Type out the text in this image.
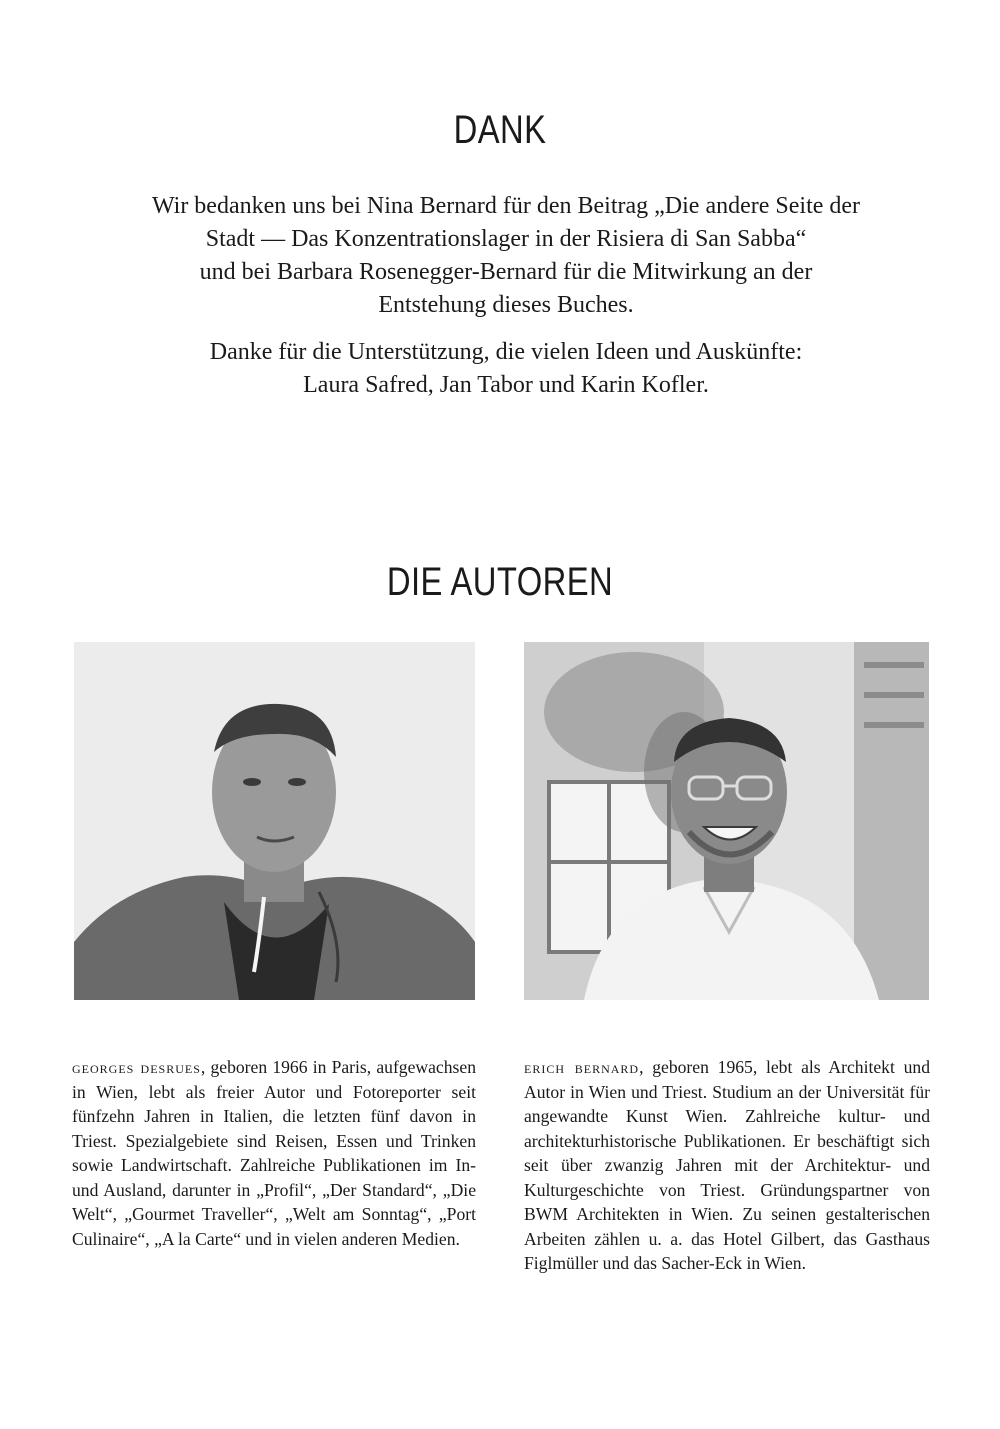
DANK

Wir bedanken uns bei Nina Bernard für den Beitrag „Die andere Seite der
Stadt — Das Konzentrationslager in der Risiera di San Sabba“
und bei Barbara Rosenegger-Bernard für die Mitwirkung an der
Entstehung dieses Buches.

Danke für die Unterstützung, die vielen Ideen und Auskünfte:
Laura Safred, Jan Tabor und Karin Kofler.

DIE AUTOREN

georges desrues, geboren 1966 in Paris, aufgewachsen in Wien, lebt als freier Autor und Fotoreporter seit fünfzehn Jahren in Italien, die letzten fünf davon in Triest. Spezialgebiete sind Reisen, Essen und Trinken sowie Landwirtschaft. Zahlreiche Publikationen im In- und Ausland, darunter in „Profil“, „Der Standard“, „Die Welt“, „Gourmet Traveller“, „Welt am Sonntag“, „Port Culinaire“, „A la Carte“ und in vielen anderen Medien.

erich bernard, geboren 1965, lebt als Architekt und Autor in Wien und Triest. Studium an der Universität für angewandte Kunst Wien. Zahlreiche kultur- und architekturhistorische Publikationen. Er beschäftigt sich seit über zwanzig Jahren mit der Architektur- und Kulturgeschichte von Triest. Gründungspartner von BWM Architekten in Wien. Zu seinen gestalterischen Arbeiten zählen u. a. das Hotel Gilbert, das Gasthaus Figlmüller und das Sacher-Eck in Wien.
